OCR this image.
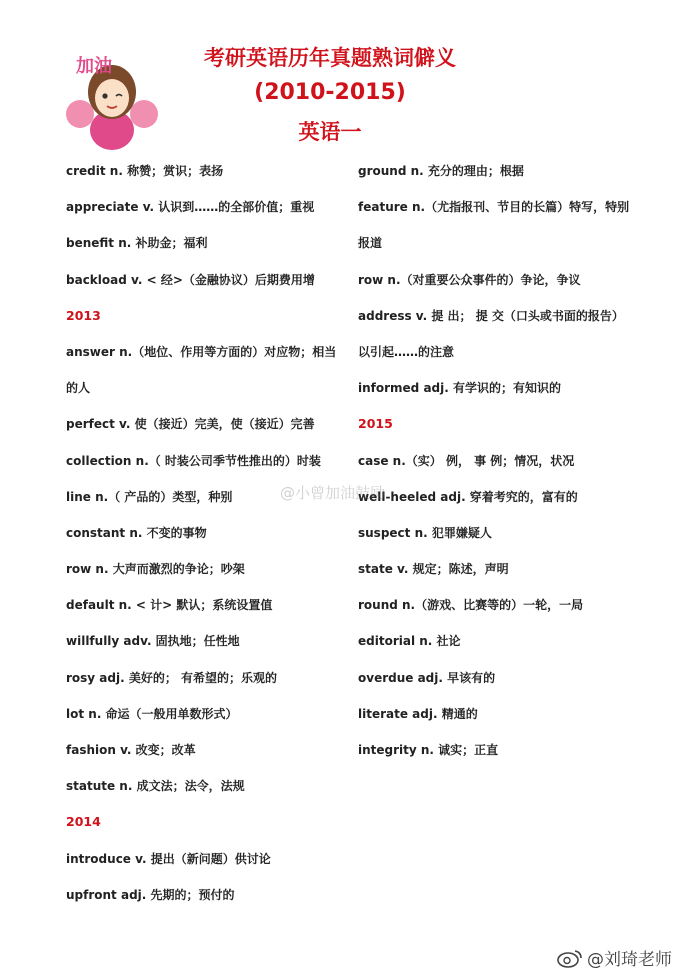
加油	考研英语历年真题熟词僻义
(2010-2015)
英语一
credit n. 称赞；赏识；表扬
appreciate v. 认识到……的全部价值；重视
benefit n. 补助金；福利
backload v. < 经>（金融协议）后期费用增
2013
answer n.（地位、作用等方面的）对应物；相当
的人
perfect v. 使（接近）完美，使（接近）完善
collection n.（ 时装公司季节性推出的）时装
line n.（ 产品的）类型，种别
constant n. 不变的事物
row n. 大声而激烈的争论；吵架
default n. < 计> 默认；系统设置值
willfully adv. 固执地；任性地
rosy adj. 美好的； 有希望的；乐观的
lot n. 命运（一般用单数形式）
fashion v. 改变；改革
statute n. 成文法；法令，法规
2014
introduce v. 提出（新问题）供讨论
upfront adj. 先期的；预付的
ground n. 充分的理由；根据
feature n.（尤指报刊、节目的长篇）特写，特别
报道
row n.（对重要公众事件的）争论，争议
address v. 提 出； 提 交（口头或书面的报告）
以引起……的注意
informed adj. 有学识的；有知识的
2015
case n.（实） 例， 事 例；情况，状况
well-heeled adj. 穿着考究的，富有的
suspect n. 犯罪嫌疑人
state v. 规定；陈述，声明
round n.（游戏、比赛等的）一轮，一局
editorial n. 社论
overdue adj. 早该有的
literate adj. 精通的
integrity n. 诚实；正直
@小曾加油鼓励
@刘琦老师
